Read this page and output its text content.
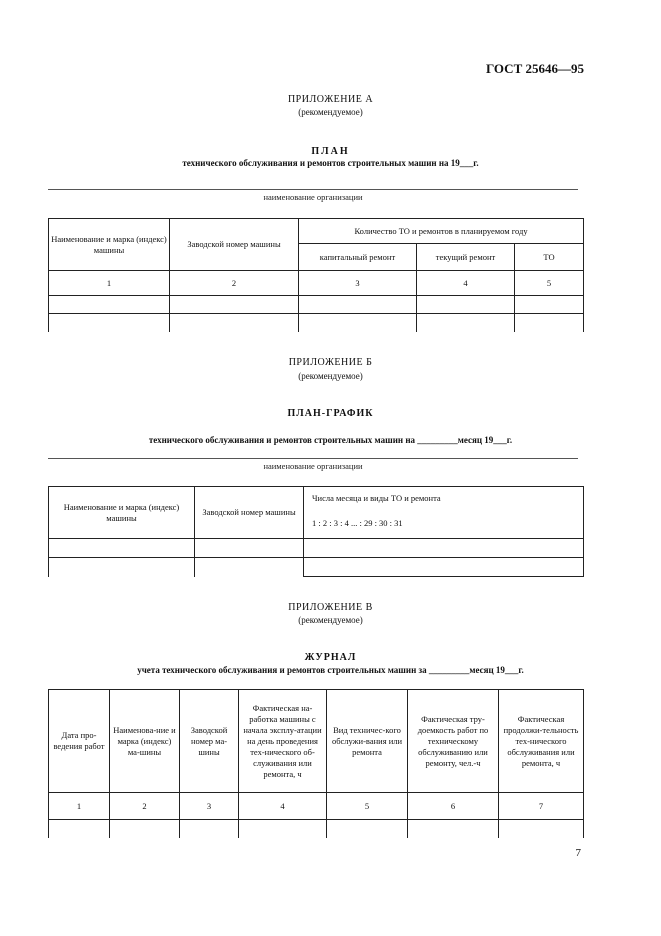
ГОСТ 25646—95
ПРИЛОЖЕНИЕ А
(рекомендуемое)
ПЛАН
технического обслуживания и ремонтов строительных машин на 19___г.
наименование организации
Наименование и марка (индекс) машины	Заводской номер машины	Количество ТО и ремонтов в планируемом году		
		капитальный ремонт	текущий ремонт	ТО
1	2	3	4	5

ПРИЛОЖЕНИЕ Б
(рекомендуемое)
ПЛАН-ГРАФИК
технического обслуживания и ремонтов строительных машин на _________месяц 19___г.
наименование организации
Наименование и марка (индекс) машины	Заводской номер машины	Числа месяца и виды ТО и ремонта
		1 : 2 : 3 : 4 ... : 29 : 30 : 31

ПРИЛОЖЕНИЕ В
(рекомендуемое)
ЖУРНАЛ
учета технического обслуживания и ремонтов строительных машин за _________месяц 19___г.
Дата про-ведения работ	Наименова-ние и марка (индекс) ма-шины	Заводской номер ма-шины	Фактическая на-работка машины с начала эксплу-атации на день проведения тех-нического об-служивания или ремонта, ч	Вид техничес-кого обслужи-вания или ремонта	Фактическая тру-доемкость работ по техническому обслуживанию или ремонту, чел.-ч	Фактическая продолжи-тельность тех-нического обслуживания или ремонта, ч
1	2	3	4	5	6	7

7
